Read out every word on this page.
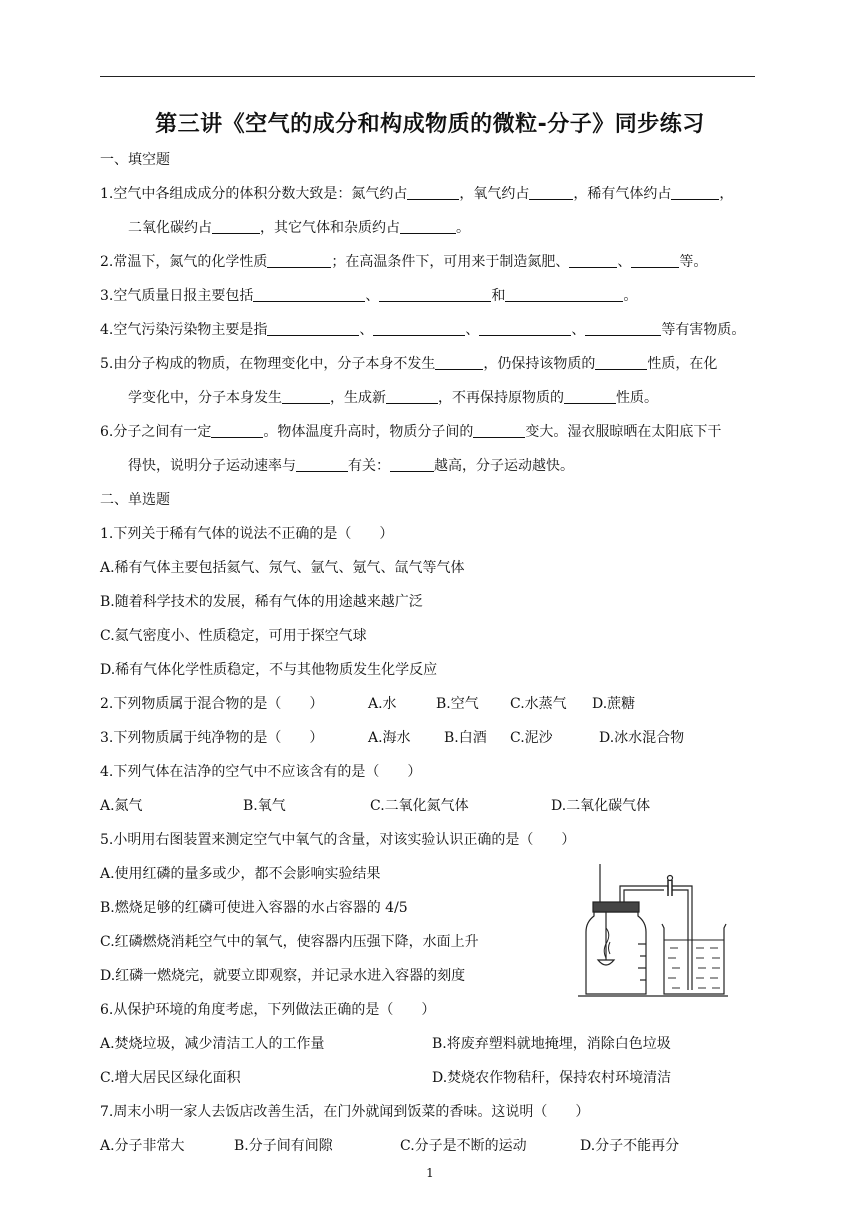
第三讲《空气的成分和构成物质的微粒-分子》同步练习
一、填空题
1.空气中各组成成分的体积分数大致是：氮气约占	，氧气约占	，稀有气体约占	，
二氧化碳约占	，其它气体和杂质约占	。
2.常温下，氮气的化学性质	；在高温条件下，可用来于制造氮肥、	、	等。
3.空气质量日报主要包括	、	和	。
4.空气污染污染物主要是指	、	、	、	等有害物质。
5.由分子构成的物质，在物理变化中，分子本身不发生	，仍保持该物质的	性质，在化
学变化中，分子本身发生	，生成新	，不再保持原物质的	性质。
6.分子之间有一定	。物体温度升高时，物质分子间的	变大。湿衣服晾晒在太阳底下干
得快，说明分子运动速率与	有关：	越高，分子运动越快。
二、单选题
1.下列关于稀有气体的说法不正确的是（　　）
A.稀有气体主要包括氦气、氖气、氩气、氪气、氙气等气体
B.随着科学技术的发展，稀有气体的用途越来越广泛
C.氦气密度小、性质稳定，可用于探空气球
D.稀有气体化学性质稳定，不与其他物质发生化学反应
2.下列物质属于混合物的是（　　）	A.水	B.空气 C.水蒸气 D.蔗糖
3.下列物质属于纯净物的是（　　）	A.海水 B.白酒 C.泥沙	D.冰水混合物
4.下列气体在洁净的空气中不应该含有的是（　　）
A.氮气	B.氧气	C.二氧化氮气体	D.二氧化碳气体
5.小明用右图装置来测定空气中氧气的含量，对该实验认识正确的是（　　）
A.使用红磷的量多或少，都不会影响实验结果
B.燃烧足够的红磷可使进入容器的水占容器的 4/5
C.红磷燃烧消耗空气中的氧气，使容器内压强下降，水面上升
D.红磷一燃烧完，就要立即观察，并记录水进入容器的刻度
6.从保护环境的角度考虑，下列做法正确的是（　　）
A.焚烧垃圾，减少清洁工人的工作量	B.将废弃塑料就地掩埋，消除白色垃圾
C.增大居民区绿化面积	D.焚烧农作物秸秆，保持农村环境清洁
7.周末小明一家人去饭店改善生活，在门外就闻到饭菜的香味。这说明（　　）
A.分子非常大	B.分子间有间隙	C.分子是不断的运动	D.分子不能再分
1
